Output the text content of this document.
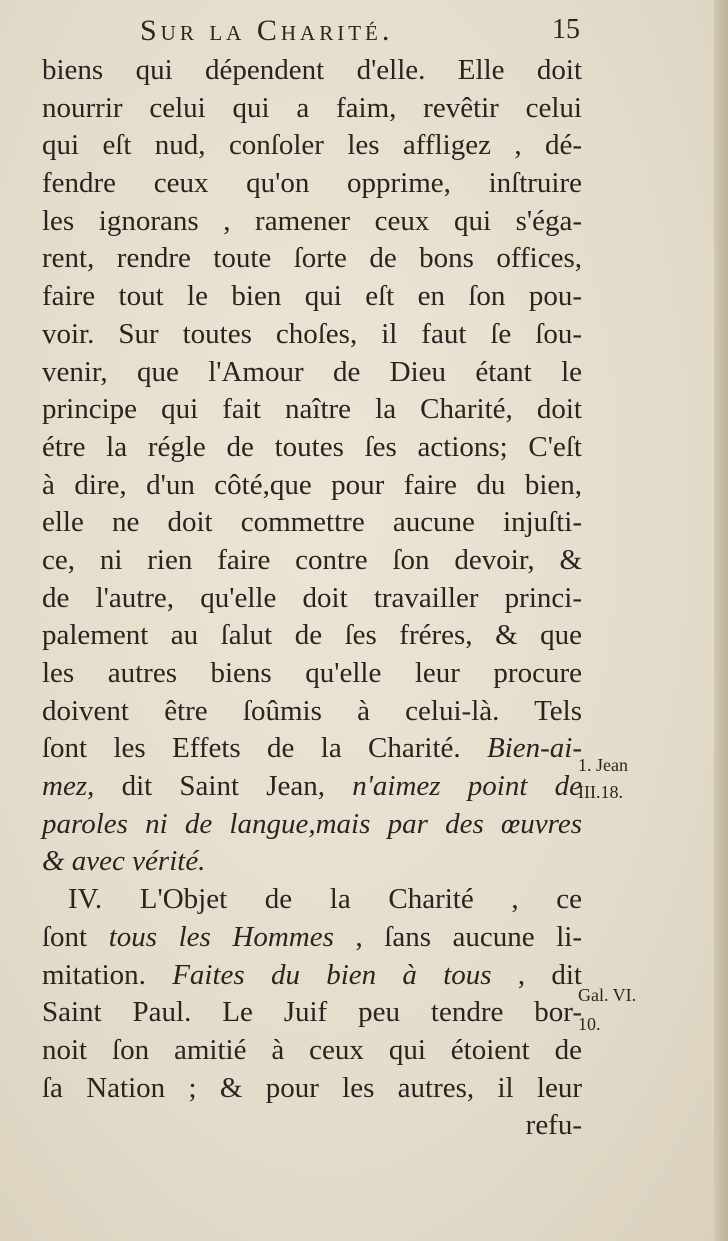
Sur la Charité.	15
biens qui dépendent d'elle. Elle doit
nourrir celui qui a faim, revêtir celui
qui eſt nud, conſoler les affligez , dé-
fendre ceux qu'on opprime, inſtruire
les ignorans , ramener ceux qui s'éga-
rent, rendre toute ſorte de bons offices,
faire tout le bien qui eſt en ſon pou-
voir. Sur toutes choſes, il faut ſe ſou-
venir, que l'Amour de Dieu étant le
principe qui fait naître la Charité, doit
étre la régle de toutes ſes actions; C'eſt
à dire, d'un côté,que pour faire du bien,
elle ne doit commettre aucune injuſti-
ce, ni rien faire contre ſon devoir, &
de l'autre, qu'elle doit travailler princi-
palement au ſalut de ſes fréres, & que
les autres biens qu'elle leur procure
doivent être ſoûmis à celui-là. Tels
ſont les Effets de la Charité. Bien-ai-
mez, dit Saint Jean, n'aimez point de
paroles ni de langue,mais par des œuvres
& avec vérité.
IV. L'Objet de la Charité , ce
ſont tous les Hommes , ſans aucune li-
mitation. Faites du bien à tous , dit
Saint Paul. Le Juif peu tendre bor-
noit ſon amitié à ceux qui étoient de
ſa Nation ; & pour les autres, il leur
refu-
1. Jean
III.18.
Gal. VI.
10.
